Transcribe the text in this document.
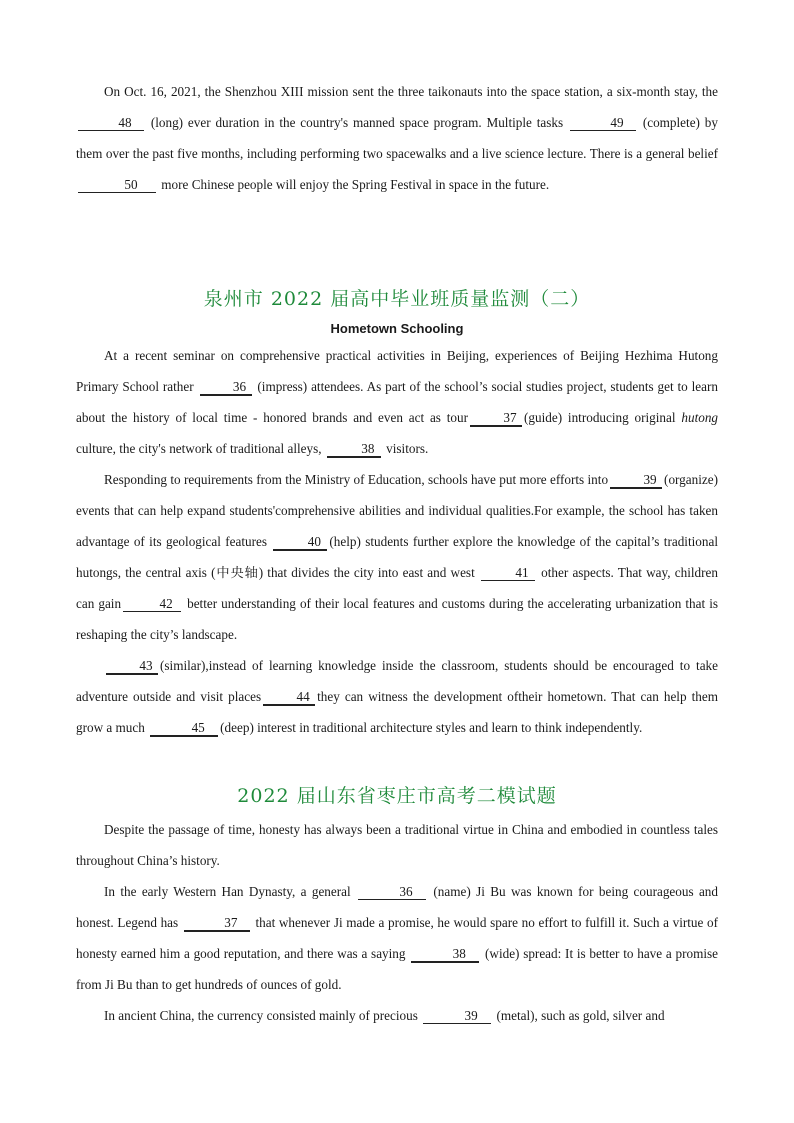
On Oct. 16, 2021, the Shenzhou XIII mission sent the three taikonauts into the space station, a six-month stay, the 48 (long) ever duration in the country's manned space program. Multiple tasks	49 (complete) by them over the past five months, including performing two spacewalks and a live science lecture. There is a general belief 50 more Chinese people will enjoy the Spring Festival in space in the future.

泉州市 2022 届高中毕业班质量监测（二）
Hometown Schooling

At a recent seminar on comprehensive practical activities in Beijing, experiences of Beijing Hezhima Hutong Primary School rather	36 (impress) attendees. As part of the school’s social studies project, students get to learn about the history of local time - honored brands and even act as tour	37 (guide) introducing original hutong culture, the city's network of traditional alleys,	38 visitors.

Responding to requirements from the Ministry of Education, schools have put more efforts into	39 (organize) events that can help expand students'comprehensive abilities and individual qualities.For example, the school has taken advantage of its geological features	40 (help) students further explore the knowledge of the capital’s traditional hutongs, the central axis (中央轴) that divides the city into east and west	41 other aspects. That way, children can gain	42 better understanding of their local features and customs during the accelerating urbanization that is reshaping the city’s landscape.

43 (similar),instead of learning knowledge inside the classroom, students should be encouraged to take adventure outside and visit places	44 they can witness the development oftheir hometown. That can help them grow a much	45 (deep) interest in traditional architecture styles and learn to think independently.

2022 届山东省枣庄市高考二模试题

Despite the passage of time, honesty has always been a traditional virtue in China and embodied in countless tales throughout China’s history.

In the early Western Han Dynasty, a general	36 (name) Ji Bu was known for being courageous and honest. Legend has	37 that whenever Ji made a promise, he would spare no effort to fulfill it. Such a virtue of honesty earned him a good reputation, and there was a saying	38 (wide) spread: It is better to have a promise from Ji Bu than to get hundreds of ounces of gold.

In ancient China, the currency consisted mainly of precious	39 (metal), such as gold, silver and
